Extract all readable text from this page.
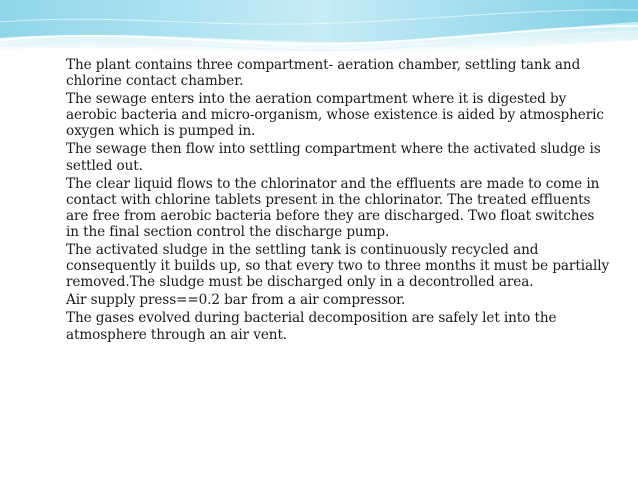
The plant contains three compartment- aeration chamber, settling tank and chlorine contact chamber.
The sewage enters into the aeration compartment where it is digested by aerobic bacteria and micro-organism, whose existence is aided by atmospheric oxygen which is pumped in.
The sewage then flow into settling compartment where the activated sludge is settled out.
The clear liquid flows to the chlorinator and the effluents are made to come in contact with chlorine tablets present in the chlorinator. The treated effluents are free from aerobic bacteria before they are discharged. Two float switches in the final section control the discharge pump.
The activated sludge in the settling tank is continuously recycled and consequently it builds up, so that every two to three months it must be partially removed.The sludge must be discharged only in a decontrolled area.
Air supply press==0.2 bar from a air compressor.
The gases evolved during bacterial decomposition are safely let into the atmosphere through an air vent.
